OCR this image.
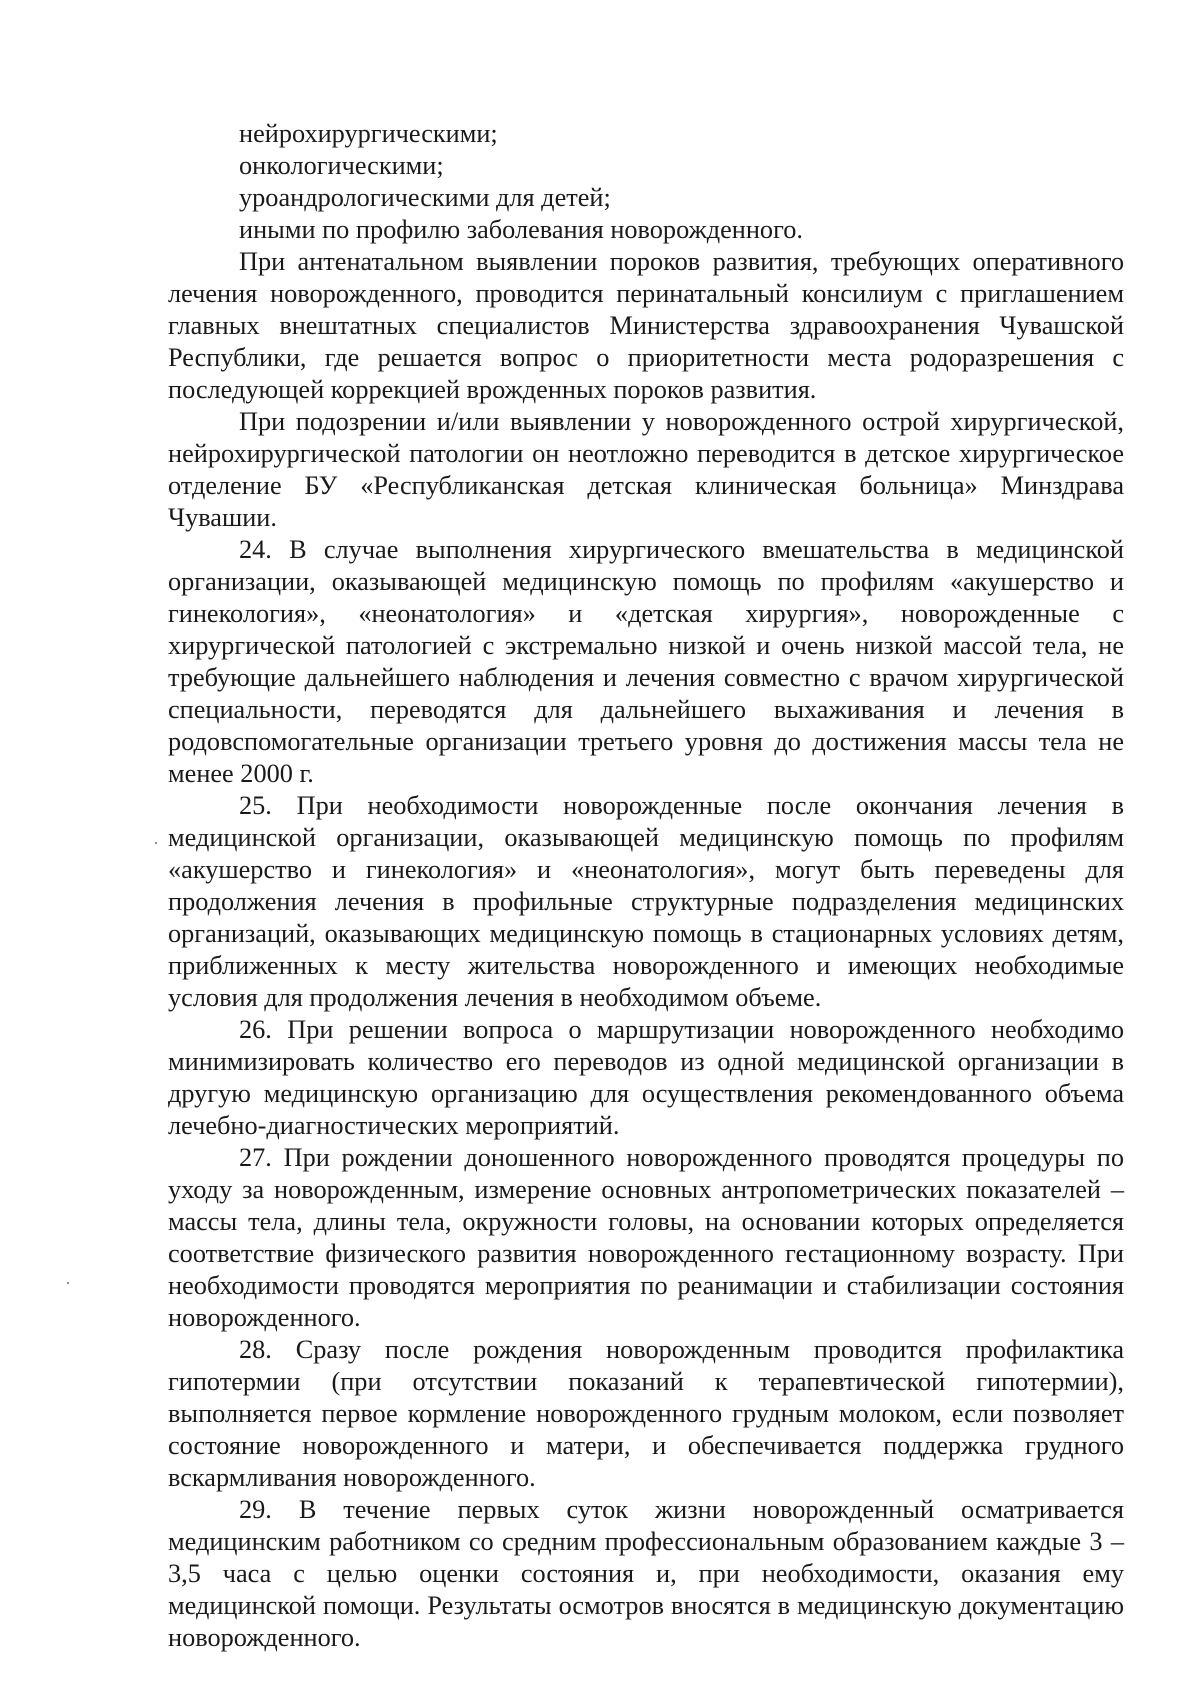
нейрохирургическими;

онкологическими;

уроандрологическими для детей;

иными по профилю заболевания новорожденного.

При антенатальном выявлении пороков развития, требующих оперативного лечения новорожденного, проводится перинатальный консилиум с приглашением главных внештатных специалистов Министерства здравоохранения Чувашской Республики, где решается вопрос о приоритетности места родоразрешения с последующей коррекцией врожденных пороков развития.

При подозрении и/или выявлении у новорожденного острой хирургической, нейрохирургической патологии он неотложно переводится в детское хирургическое отделение БУ «Республиканская детская клиническая больница» Минздрава Чувашии.

24. В случае выполнения хирургического вмешательства в медицинской организации, оказывающей медицинскую помощь по профилям «акушерство и гинекология», «неонатология» и «детская хирургия», новорожденные с хирургической патологией с экстремально низкой и очень низкой массой тела, не требующие дальнейшего наблюдения и лечения совместно с врачом хирургической специальности, переводятся для дальнейшего выхаживания и лечения в родовспомогательные организации третьего уровня до достижения массы тела не менее 2000 г.

25. При необходимости новорожденные после окончания лечения в медицинской организации, оказывающей медицинскую помощь по профилям «акушерство и гинекология» и «неонатология», могут быть переведены для продолжения лечения в профильные структурные подразделения медицинских организаций, оказывающих медицинскую помощь в стационарных условиях детям, приближенных к месту жительства новорожденного и имеющих необходимые условия для продолжения лечения в необходимом объеме.

26. При решении вопроса о маршрутизации новорожденного необходимо минимизировать количество его переводов из одной медицинской организации в другую медицинскую организацию для осуществления рекомендованного объема лечебно-диагностических мероприятий.

27. При рождении доношенного новорожденного проводятся процедуры по уходу за новорожденным, измерение основных антропометрических показателей – массы тела, длины тела, окружности головы, на основании которых определяется соответствие физического развития новорожденного гестационному возрасту. При необходимости проводятся мероприятия по реанимации и стабилизации состояния новорожденного.

28. Сразу после рождения новорожденным проводится профилактика гипотермии (при отсутствии показаний к терапевтической гипотермии), выполняется первое кормление новорожденного грудным молоком, если позволяет состояние новорожденного и матери, и обеспечивается поддержка грудного вскармливания новорожденного.

29. В течение первых суток жизни новорожденный осматривается медицинским работником со средним профессиональным образованием каждые 3 – 3,5 часа с целью оценки состояния и, при необходимости, оказания ему медицинской помощи. Результаты осмотров вносятся в медицинскую документацию новорожденного.
